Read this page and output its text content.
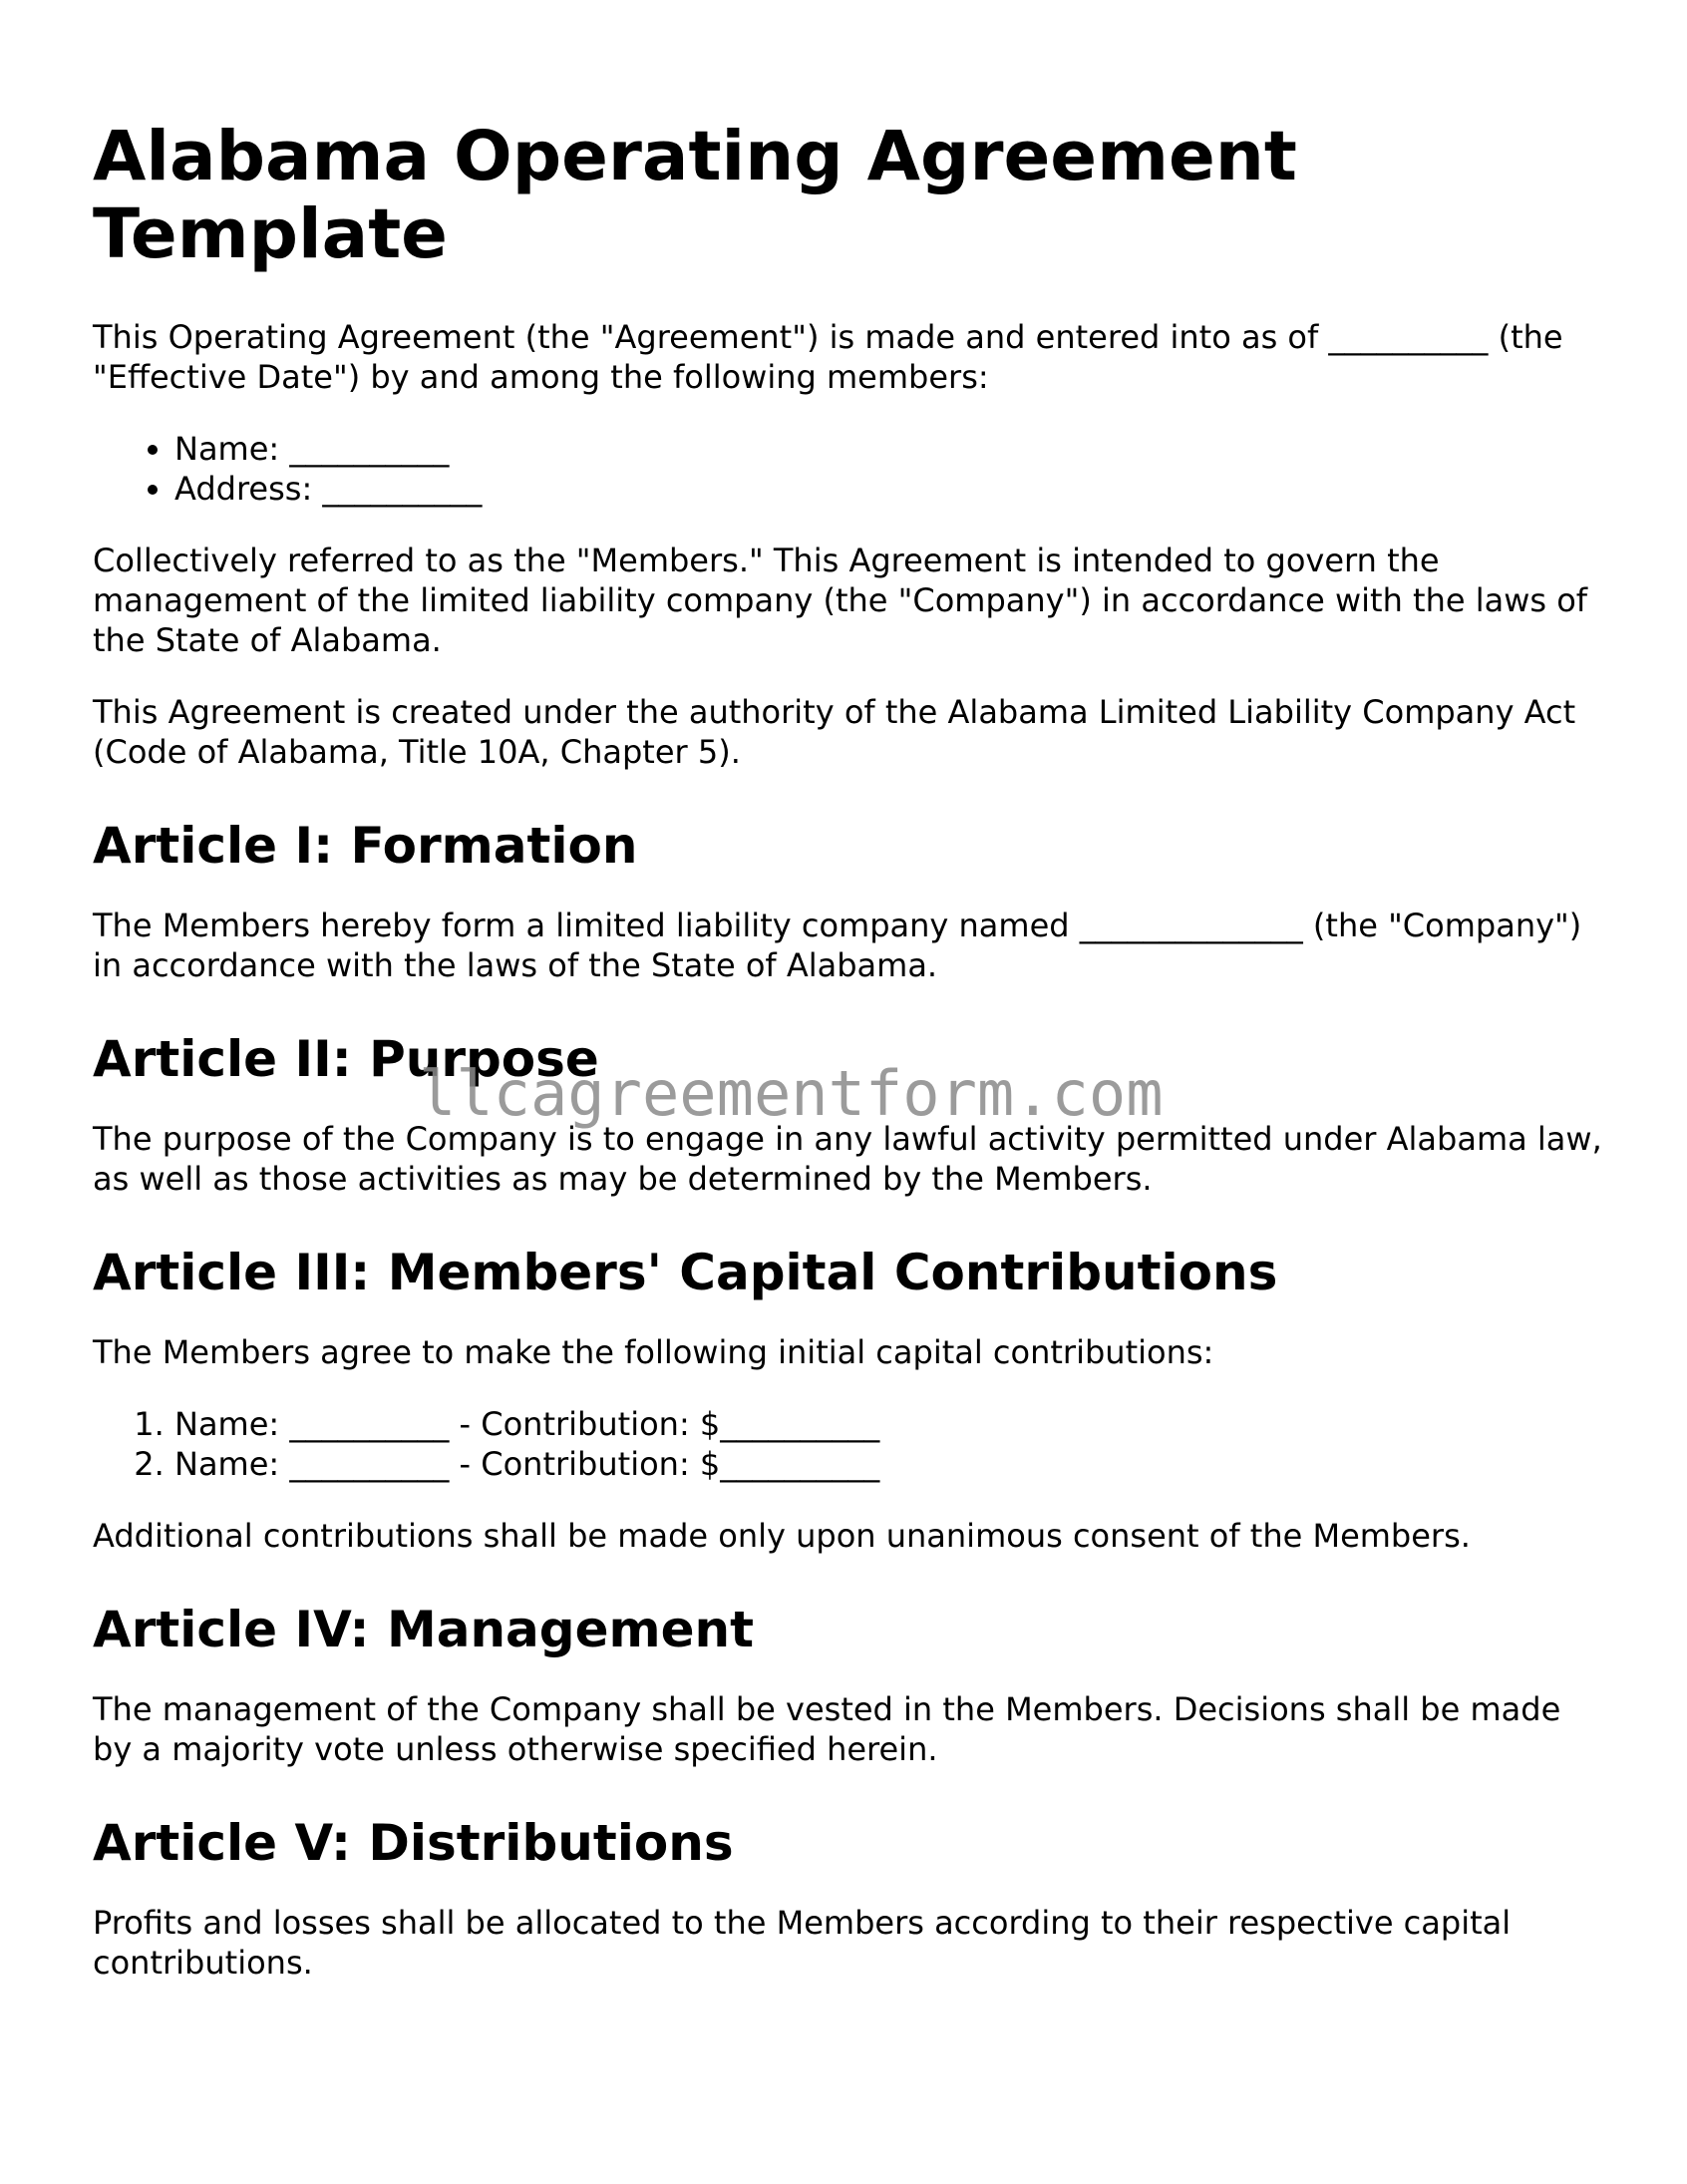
Alabama Operating Agreement Template

This Operating Agreement (the "Agreement") is made and entered into as of __________ (the "Effective Date") by and among the following members:

• Name: __________
• Address: __________

Collectively referred to as the "Members." This Agreement is intended to govern the management of the limited liability company (the "Company") in accordance with the laws of the State of Alabama.

This Agreement is created under the authority of the Alabama Limited Liability Company Act (Code of Alabama, Title 10A, Chapter 5).

Article I: Formation

The Members hereby form a limited liability company named ______________ (the "Company") in accordance with the laws of the State of Alabama.

Article II: Purpose

The purpose of the Company is to engage in any lawful activity permitted under Alabama law, as well as those activities as may be determined by the Members.

Article III: Members' Capital Contributions

The Members agree to make the following initial capital contributions:

1. Name: __________ - Contribution: $__________
2. Name: __________ - Contribution: $__________

Additional contributions shall be made only upon unanimous consent of the Members.

Article IV: Management

The management of the Company shall be vested in the Members. Decisions shall be made by a majority vote unless otherwise specified herein.

Article V: Distributions

Profits and losses shall be allocated to the Members according to their respective capital contributions.

llcagreementform.com
